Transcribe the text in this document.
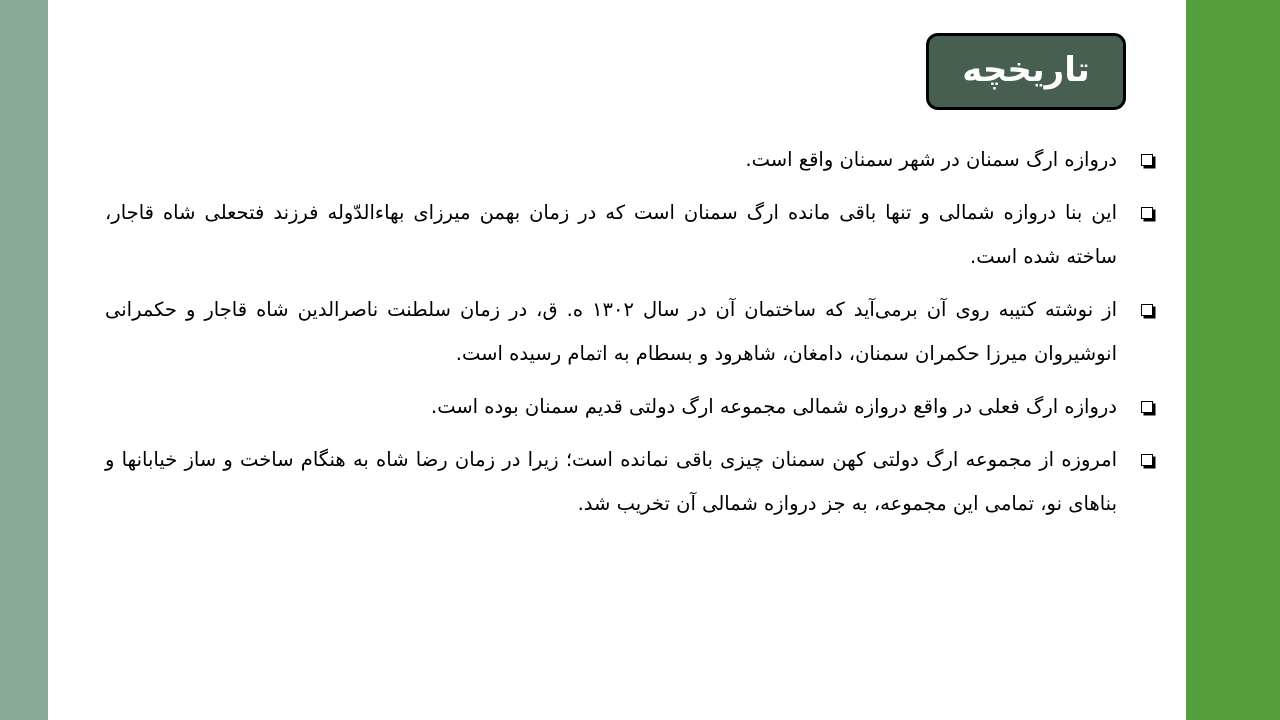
تاریخچه
دروازه ارگ سمنان در شهر سمنان واقع است.
این بنا دروازه شمالی و تنها باقی مانده ارگ سمنان است که در زمان بهمن میرزای بهاءالدّوله فرزند فتحعلی شاه قاجار، ساخته شده است.
از نوشته کتیبه روی آن برمی‌آید که ساختمان آن در سال ۱۳۰۲ ه. ق، در زمان سلطنت ناصرالدین شاه قاجار و حکمرانی انوشیروان میرزا حکمران سمنان، دامغان، شاهرود و بسطام به اتمام رسیده است.
دروازه ارگ فعلی در واقع دروازه شمالی مجموعه ارگ دولتی قدیم سمنان بوده است.
امروزه از مجموعه ارگ دولتی کهن سمنان چیزی باقی نمانده است؛ زیرا در زمان رضا شاه به هنگام ساخت و ساز خیابانها و بناهای نو، تمامی این مجموعه، به جز دروازه شمالی آن تخریب شد.
